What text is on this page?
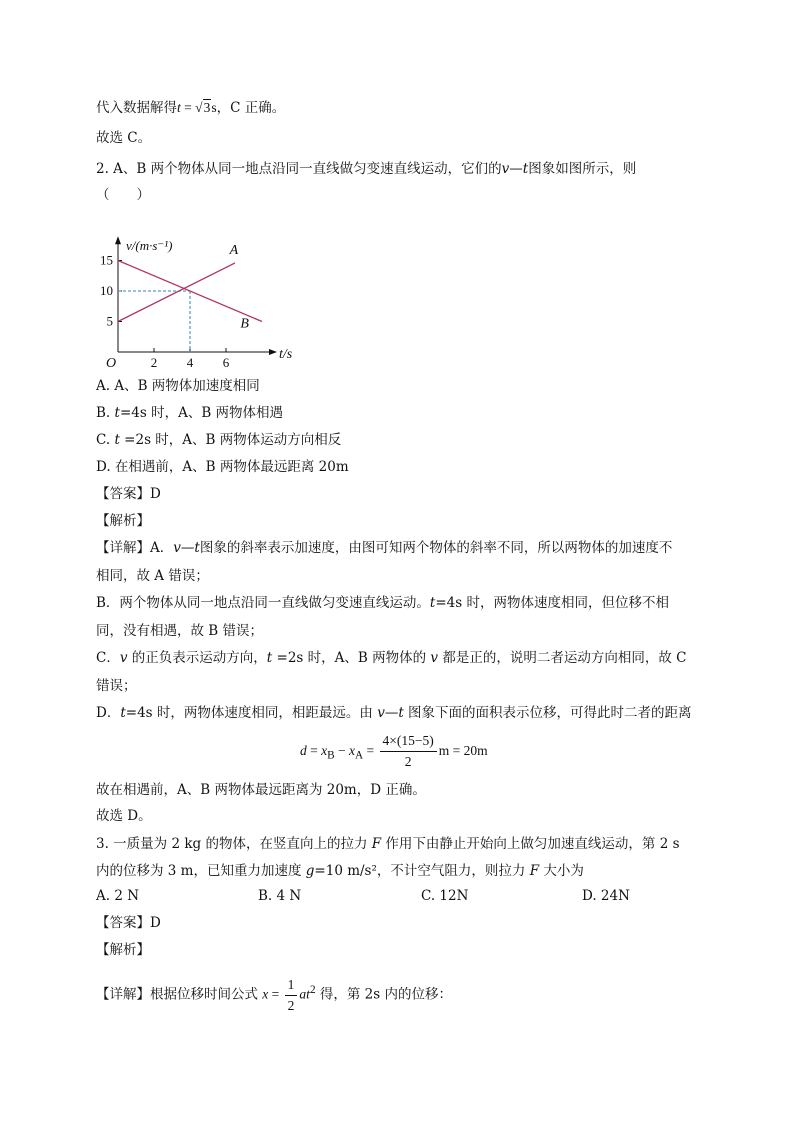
代入数据解得t = √3s，C 正确。
故选 C。
2. A、B 两个物体从同一地点沿同一直线做匀变速直线运动，它们的v—t图象如图所示，则
（　　）
2 4 6
5
10
15
O
t/s
v/(m·s⁻¹)	A
B
A. A、B 两物体加速度相同
B. t=4s 时，A、B 两物体相遇
C. t =2s 时，A、B 两物体运动方向相反
D. 在相遇前，A、B 两物体最远距离 20m
【答案】D
【解析】
【详解】A．v—t图象的斜率表示加速度，由图可知两个物体的斜率不同，所以两物体的加速度不
相同，故 A 错误；
B．两个物体从同一地点沿同一直线做匀变速直线运动。t=4s 时，两物体速度相同，但位移不相
同，没有相遇，故 B 错误；
C．v 的正负表示运动方向，t =2s 时，A、B 两物体的 v 都是正的，说明二者运动方向相同，故 C
错误；
D．t=4s 时，两物体速度相同，相距最远。由 v—t 图象下面的面积表示位移，可得此时二者的距离
$d = x_B - x_A = \frac{4\times(15-5)}{2}$ m = 20m
故在相遇前，A、B 两物体最远距离为 20m，D 正确。
故选 D。
3. 一质量为 2 kg 的物体，在竖直向上的拉力 F 作用下由静止开始向上做匀加速直线运动，第 2 s
内的位移为 3 m，已知重力加速度 g=10 m/s²，不计空气阻力，则拉力 F 大小为
A. 2 N	B. 4 N	C. 12N	D. 24N
【答案】D
【解析】
【详解】根据位移时间公式 $x = \frac{1}{2} at^2$ 得，第 2s 内的位移：
